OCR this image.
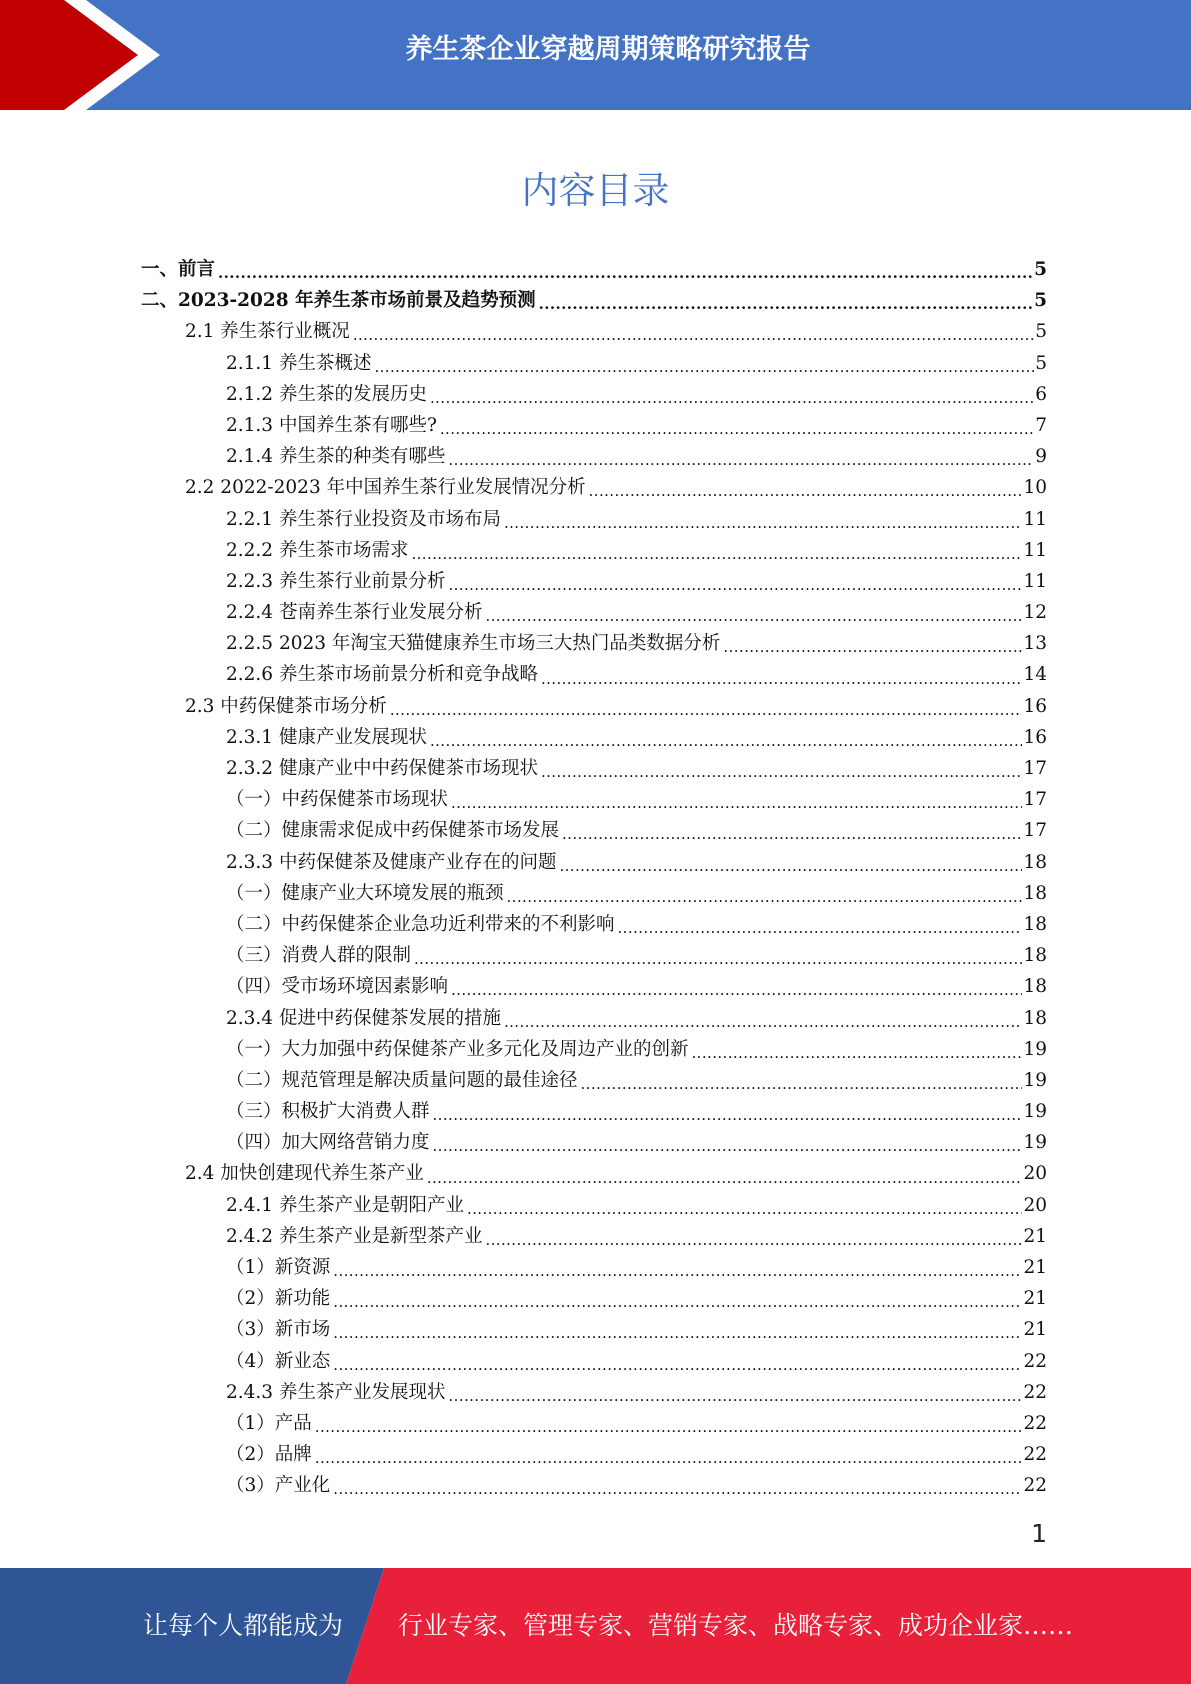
养生茶企业穿越周期策略研究报告
内容目录
一、前言 .....	5
二、2023-2028 年养生茶市场前景及趋势预测 .....	5
2.1 养生茶行业概况 .....	5
2.1.1 养生茶概述 .....	5
2.1.2 养生茶的发展历史 .....	6
2.1.3 中国养生茶有哪些? .....	7
2.1.4 养生茶的种类有哪些 .....	9
2.2 2022-2023 年中国养生茶行业发展情况分析 .....	10
2.2.1 养生茶行业投资及市场布局 .....	11
2.2.2 养生茶市场需求 .....	11
2.2.3 养生茶行业前景分析 .....	11
2.2.4 苍南养生茶行业发展分析 .....	12
2.2.5 2023 年淘宝天猫健康养生市场三大热门品类数据分析 .....	13
2.2.6 养生茶市场前景分析和竞争战略 .....	14
2.3 中药保健茶市场分析 .....	16
2.3.1 健康产业发展现状 .....	16
2.3.2 健康产业中中药保健茶市场现状 .....	17
（一）中药保健茶市场现状 .....	17
（二）健康需求促成中药保健茶市场发展 .....	17
2.3.3 中药保健茶及健康产业存在的问题 .....	18
（一）健康产业大环境发展的瓶颈 .....	18
（二）中药保健茶企业急功近利带来的不利影响 .....	18
（三）消费人群的限制 .....	18
（四）受市场环境因素影响 .....	18
2.3.4 促进中药保健茶发展的措施 .....	18
（一）大力加强中药保健茶产业多元化及周边产业的创新 .....	19
（二）规范管理是解决质量问题的最佳途径 .....	19
（三）积极扩大消费人群 .....	19
（四）加大网络营销力度 .....	19
2.4 加快创建现代养生茶产业 .....	20
2.4.1 养生茶产业是朝阳产业 .....	20
2.4.2 养生茶产业是新型茶产业 .....	21
（1）新资源 .....	21
（2）新功能 .....	21
（3）新市场 .....	21
（4）新业态 .....	22
2.4.3 养生茶产业发展现状 .....	22
（1）产品 .....	22
（2）品牌 .....	22
（3）产业化 .....	22
1
让每个人都能成为 行业专家、管理专家、营销专家、战略专家、成功企业家……
